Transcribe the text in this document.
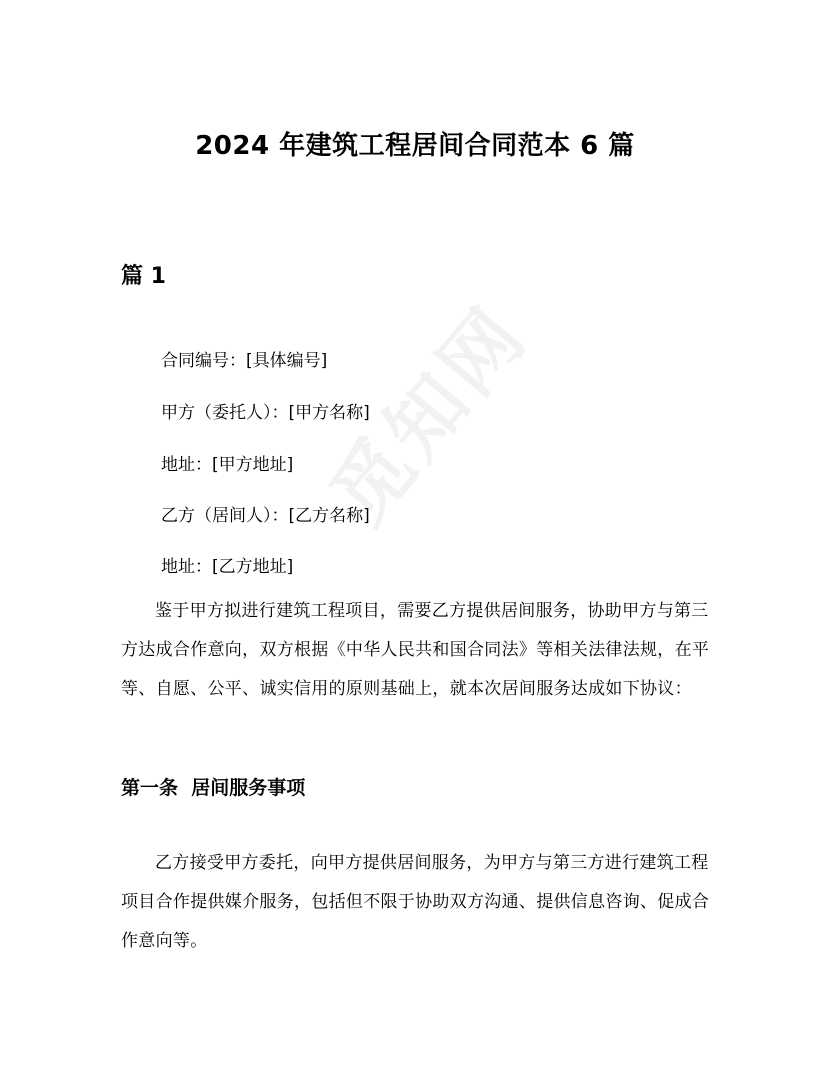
觅知网
2024 年建筑工程居间合同范本 6 篇
篇 1
合同编号：[具体编号]
甲方（委托人）：[甲方名称]
地址：[甲方地址]
乙方（居间人）：[乙方名称]
地址：[乙方地址]

鉴于甲方拟进行建筑工程项目，需要乙方提供居间服务，协助甲方与第三方达成合作意向，双方根据《中华人民共和国合同法》等相关法律法规，在平等、自愿、公平、诚实信用的原则基础上，就本次居间服务达成如下协议：

第一条  居间服务事项

乙方接受甲方委托，向甲方提供居间服务，为甲方与第三方进行建筑工程项目合作提供媒介服务，包括但不限于协助双方沟通、提供信息咨询、促成合作意向等。
